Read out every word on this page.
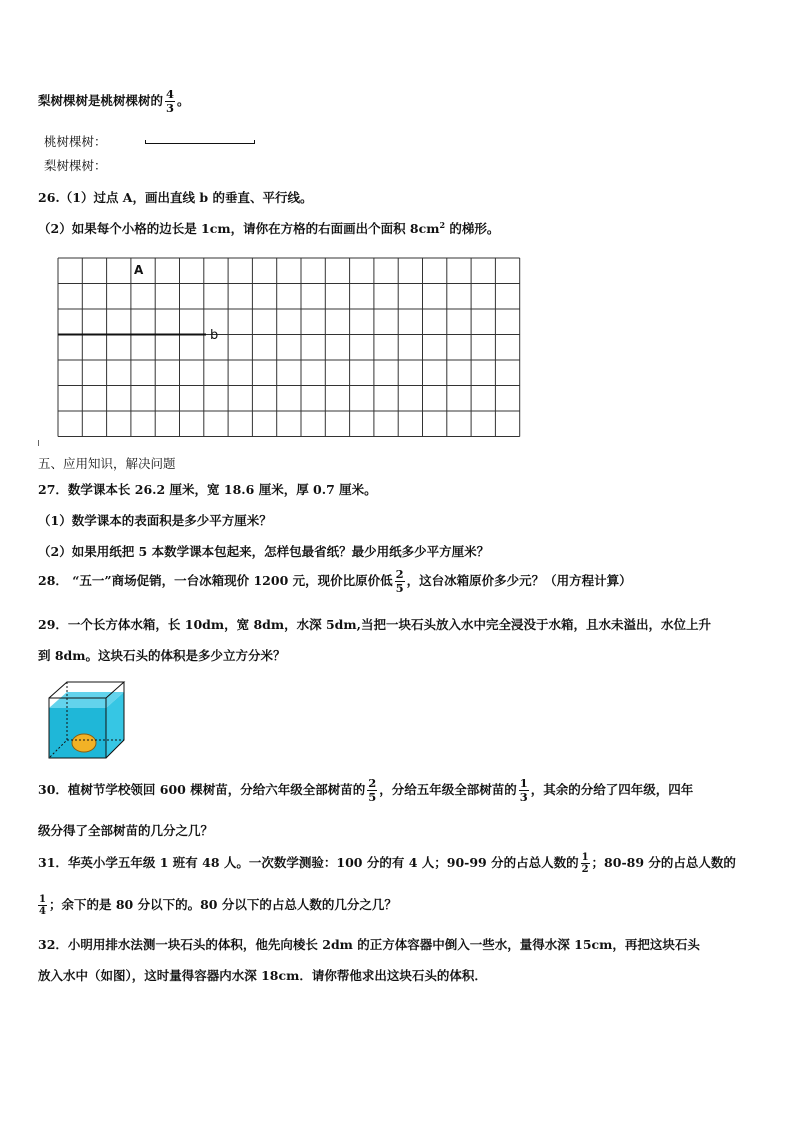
梨树棵树是桃树棵树的 $\frac{4}{3}$ 。
桃树棵树：
梨树棵树：
26.（1）过点 A，画出直线 b 的垂直、平行线。
（2）如果每个小格的边长是 1cm，请你在方格的右面画出个面积 $8cm^2$ 的梯形。
A
b
五、应用知识，解决问题
27．数学课本长 26.2 厘米，宽 18.6 厘米，厚 0.7 厘米。
（1）数学课本的表面积是多少平方厘米？
（2）如果用纸把 5 本数学课本包起来，怎样包最省纸？最少用纸多少平方厘米？
28． “五一”商场促销，一台冰箱现价 1200 元，现价比原价低 $\frac{2}{5}$ ，这台冰箱原价多少元？（用方程计算）
29．一个长方体水箱，长 10dm，宽 8dm，水深 5dm,当把一块石头放入水中完全浸没于水箱，且水未溢出，水位上升
到 8dm。这块石头的体积是多少立方分米？
30．植树节学校领回 600 棵树苗，分给六年级全部树苗的 $\frac{2}{5}$ ，分给五年级全部树苗的 $\frac{1}{3}$ ，其余的分给了四年级，四年
级分得了全部树苗的几分之几？
31．华英小学五年级 1 班有 48 人。一次数学测验：100 分的有 4 人；90-99 分的占总人数的 $\frac{1}{2}$ ；80-89 分的占总人数的
$\frac{1}{4}$ ；余下的是 80 分以下的。80 分以下的占总人数的几分之几？
32．小明用排水法测一块石头的体积，他先向棱长 2dm 的正方体容器中倒入一些水，量得水深 15cm，再把这块石头
放入水中（如图），这时量得容器内水深 18cm．请你帮他求出这块石头的体积．
